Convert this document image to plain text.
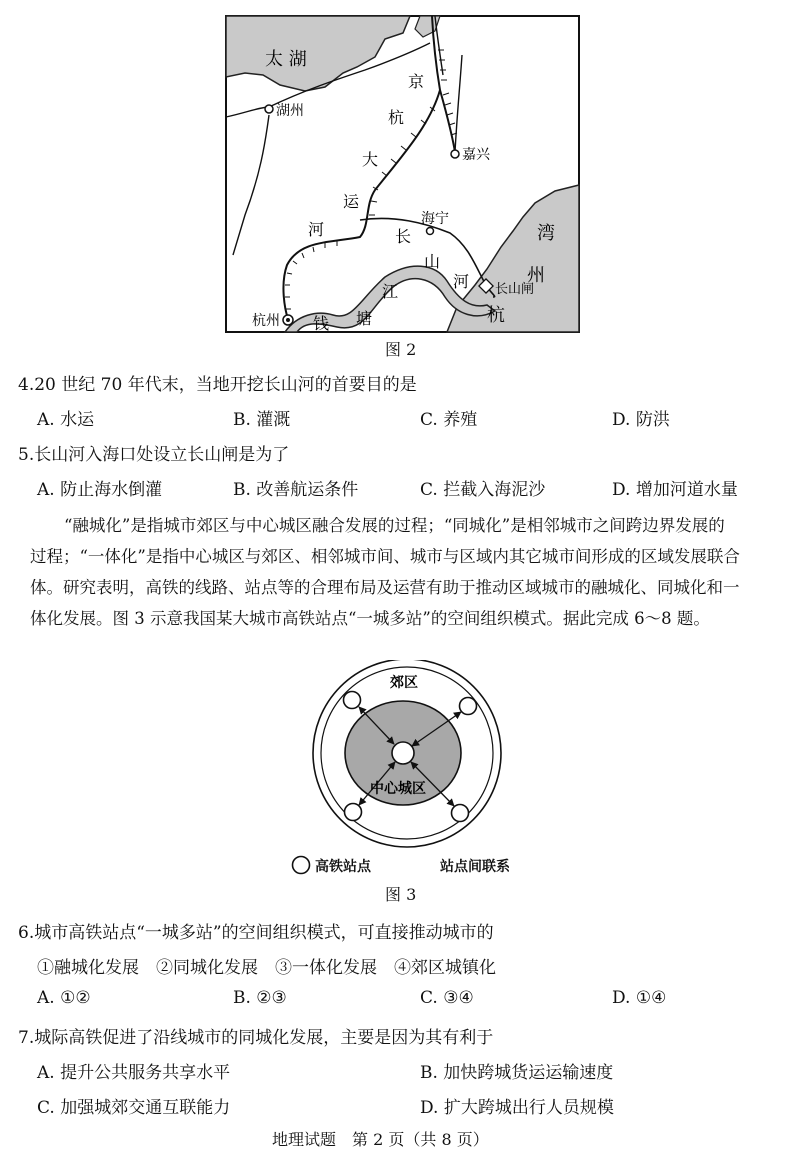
太 湖
湖州
嘉兴
海宁
杭州
长山闸
京
杭
大
运
河	长
山
河
湾
州
杭
江
塘
钱
图 2
4.20 世纪 70 年代末，当地开挖长山河的首要目的是
A. 水运	B. 灌溉	C. 养殖	D. 防洪
5.长山河入海口处设立长山闸是为了
A. 防止海水倒灌	B. 改善航运条件	C. 拦截入海泥沙	D. 增加河道水量
“融城化”是指城市郊区与中心城区融合发展的过程；“同城化”是相邻城市之间跨边界发展的
过程；“一体化”是指中心城区与郊区、相邻城市间、城市与区域内其它城市间形成的区域发展联合
体。研究表明，高铁的线路、站点等的合理布局及运营有助于推动区域城市的融城化、同城化和一
体化发展。图 3 示意我国某大城市高铁站点“一城多站”的空间组织模式。据此完成 6～8 题。
郊区
中心城区
高铁站点	站点间联系
图 3
6.城市高铁站点“一城多站”的空间组织模式，可直接推动城市的
①融城化发展　②同城化发展　③一体化发展　④郊区城镇化
A. ①②	B. ②③	C. ③④	D. ①④
7.城际高铁促进了沿线城市的同城化发展，主要是因为其有利于
A. 提升公共服务共享水平	B. 加快跨城货运运输速度
C. 加强城郊交通互联能力	D. 扩大跨城出行人员规模
地理试题　第 2 页（共 8 页）
